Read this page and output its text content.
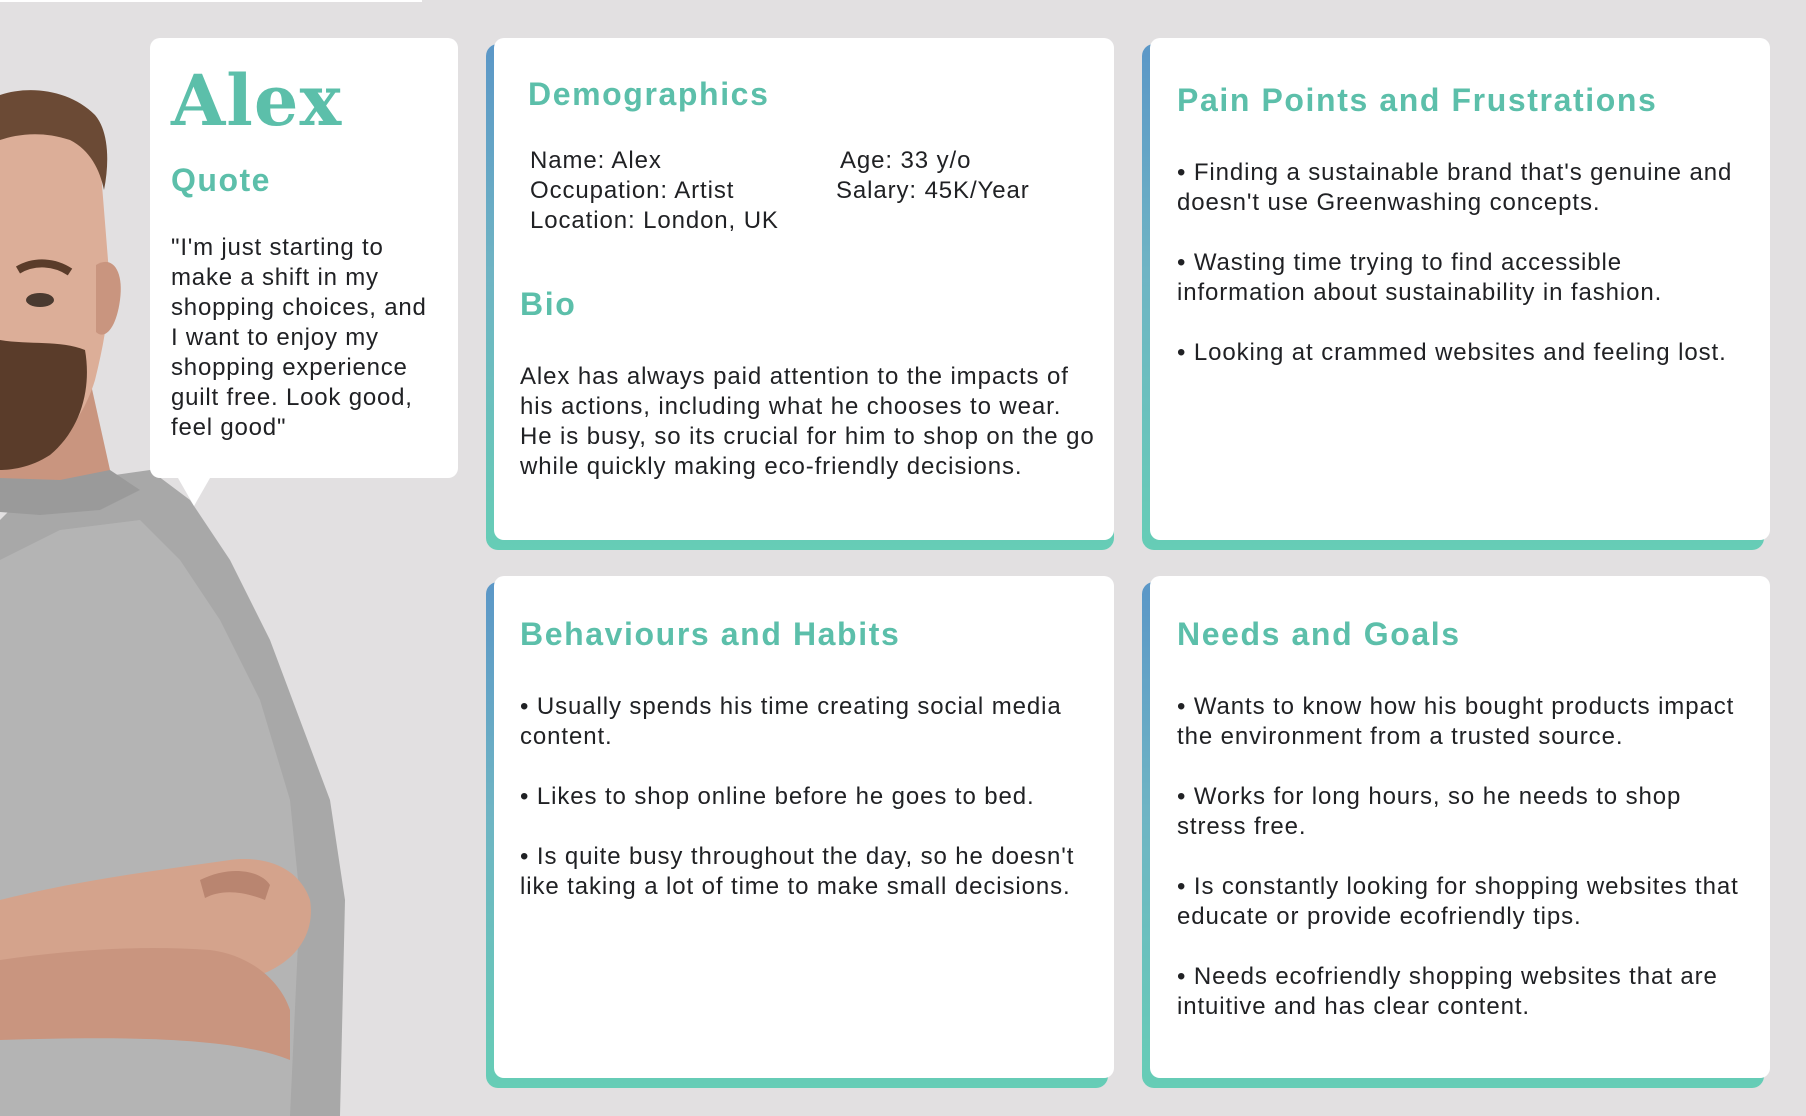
Alex
Quote

"I'm just starting to make a shift in my shopping choices, and I want to enjoy my shopping experience guilt free. Look good, feel good"

Demographics
Name: Alex	Age: 33 y/o
Occupation: Artist	Salary: 45K/Year
Location: London, UK
Bio

Alex has always paid attention to the impacts of his actions, including what he chooses to wear. He is busy, so its crucial for him to shop on the go while quickly making eco-friendly decisions.

Pain Points and Frustrations

• Finding a sustainable brand that's genuine and doesn't use Greenwashing concepts.

• Wasting time trying to find accessible information about sustainability in fashion.

• Looking at crammed websites and feeling lost.

Behaviours and Habits

• Usually spends his time creating social media content.

• Likes to shop online before he goes to bed.

• Is quite busy throughout the day, so he doesn't like taking a lot of time to make small decisions.

Needs and Goals

• Wants to know how his bought products impact the environment from a trusted source.

• Works for long hours, so he needs to shop stress free.

• Is constantly looking for shopping websites that educate or provide ecofriendly tips.

• Needs ecofriendly shopping websites that are intuitive and has clear content.
